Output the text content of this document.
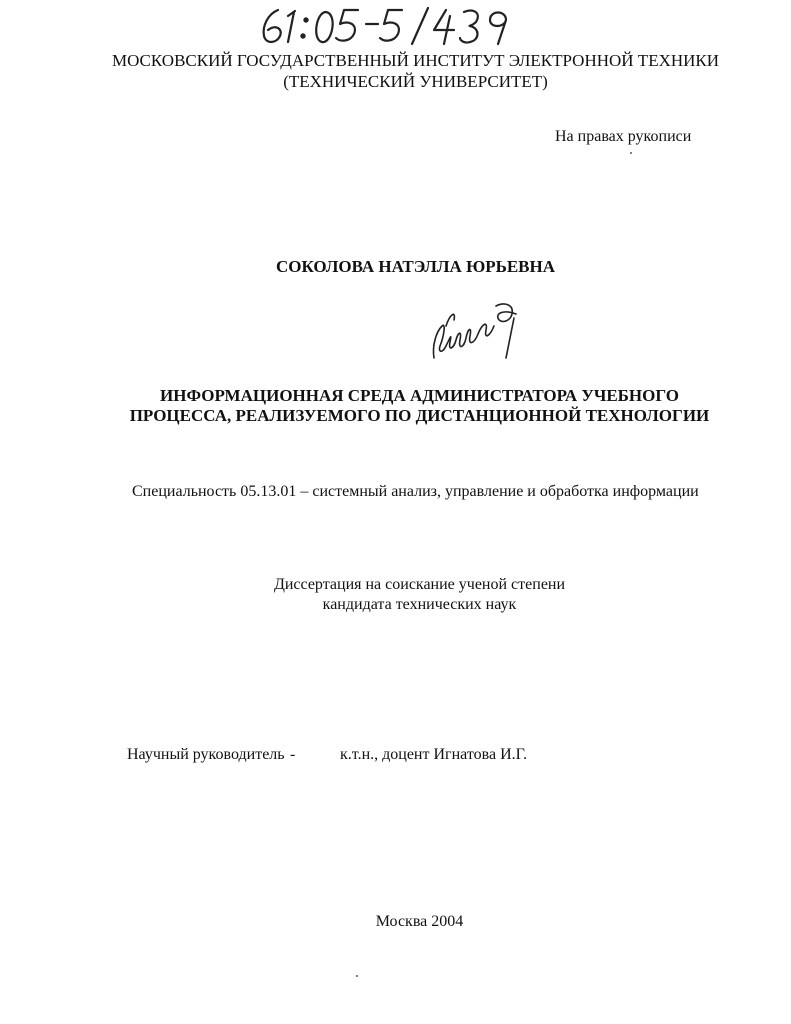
МОСКОВСКИЙ ГОСУДАРСТВЕННЫЙ ИНСТИТУТ ЭЛЕКТРОННОЙ ТЕХНИКИ
(ТЕХНИЧЕСКИЙ УНИВЕРСИТЕТ)
На правах рукописи
СОКОЛОВА НАТЭЛЛА ЮРЬЕВНА
ИНФОРМАЦИОННАЯ СРЕДА АДМИНИСТРАТОРА УЧЕБНОГО
ПРОЦЕССА, РЕАЛИЗУЕМОГО ПО ДИСТАНЦИОННОЙ ТЕХНОЛОГИИ
Специальность 05.13.01 – системный анализ, управление и обработка информации
Диссертация на соискание ученой степени
кандидата технических наук
Научный руководитель -	к.т.н., доцент Игнатова И.Г.
Москва 2004
